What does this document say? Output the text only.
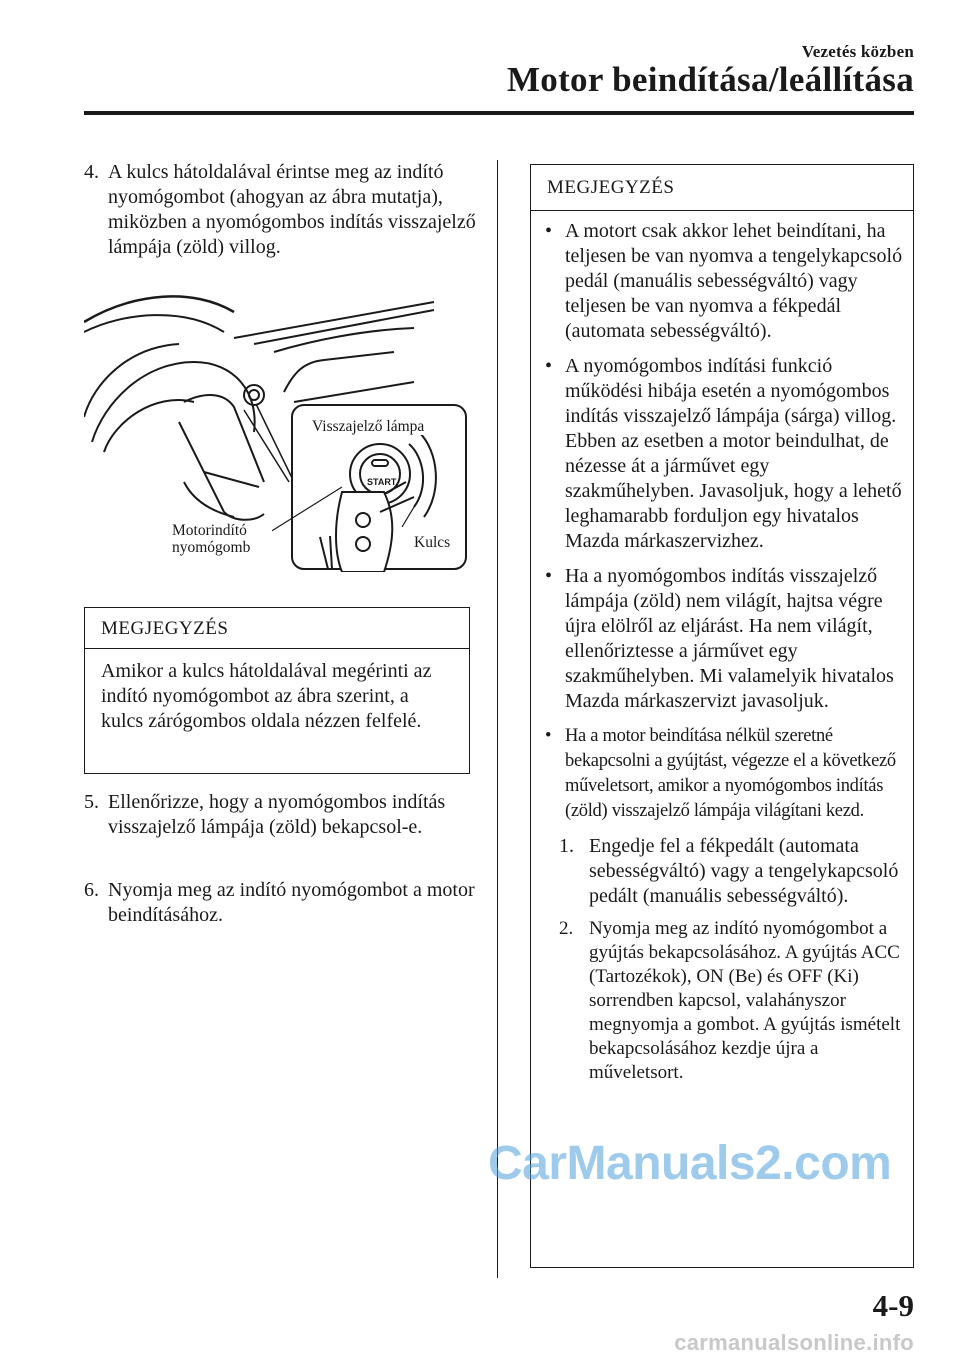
Vezetés közben
Motor beindítása/leállítása
4. A kulcs hátoldalával érintse meg az indító nyomógombot (ahogyan az ábra mutatja), miközben a nyomógombos indítás visszajelző lámpája (zöld) villog.
START
Visszajelző lámpa
Motorindító nyomógomb	Kulcs
MEGJEGYZÉS
Amikor a kulcs hátoldalával megérinti az indító nyomógombot az ábra szerint, a kulcs zárógombos oldala nézzen felfelé.
5. Ellenőrizze, hogy a nyomógombos indítás visszajelző lámpája (zöld) bekapcsol-e.
6. Nyomja meg az indító nyomógombot a motor beindításához.
MEGJEGYZÉS
• A motort csak akkor lehet beindítani, ha teljesen be van nyomva a tengelykapcsoló pedál (manuális sebességváltó) vagy teljesen be van nyomva a fékpedál (automata sebességváltó).
• A nyomógombos indítási funkció működési hibája esetén a nyomógombos indítás visszajelző lámpája (sárga) villog. Ebben az esetben a motor beindulhat, de nézesse át a járművet egy szakműhelyben. Javasoljuk, hogy a lehető leghamarabb forduljon egy hivatalos Mazda márkaszervizhez.
• Ha a nyomógombos indítás visszajelző lámpája (zöld) nem világít, hajtsa végre újra elölről az eljárást. Ha nem világít, ellenőriztesse a járművet egy szakműhelyben. Mi valamelyik hivatalos Mazda márkaszervizt javasoljuk.
• Ha a motor beindítása nélkül szeretné bekapcsolni a gyújtást, végezze el a következő műveletsort, amikor a nyomógombos indítás (zöld) visszajelző lámpája világítani kezd.
1. Engedje fel a fékpedált (automata sebességváltó) vagy a tengelykapcsoló pedált (manuális sebességváltó).
2. Nyomja meg az indító nyomógombot a gyújtás bekapcsolásához. A gyújtás ACC (Tartozékok), ON (Be) és OFF (Ki) sorrendben kapcsol, valahányszor megnyomja a gombot. A gyújtás ismételt bekapcsolásához kezdje újra a műveletsort.
CarManuals2.com
4-9
carmanualsonline.info
